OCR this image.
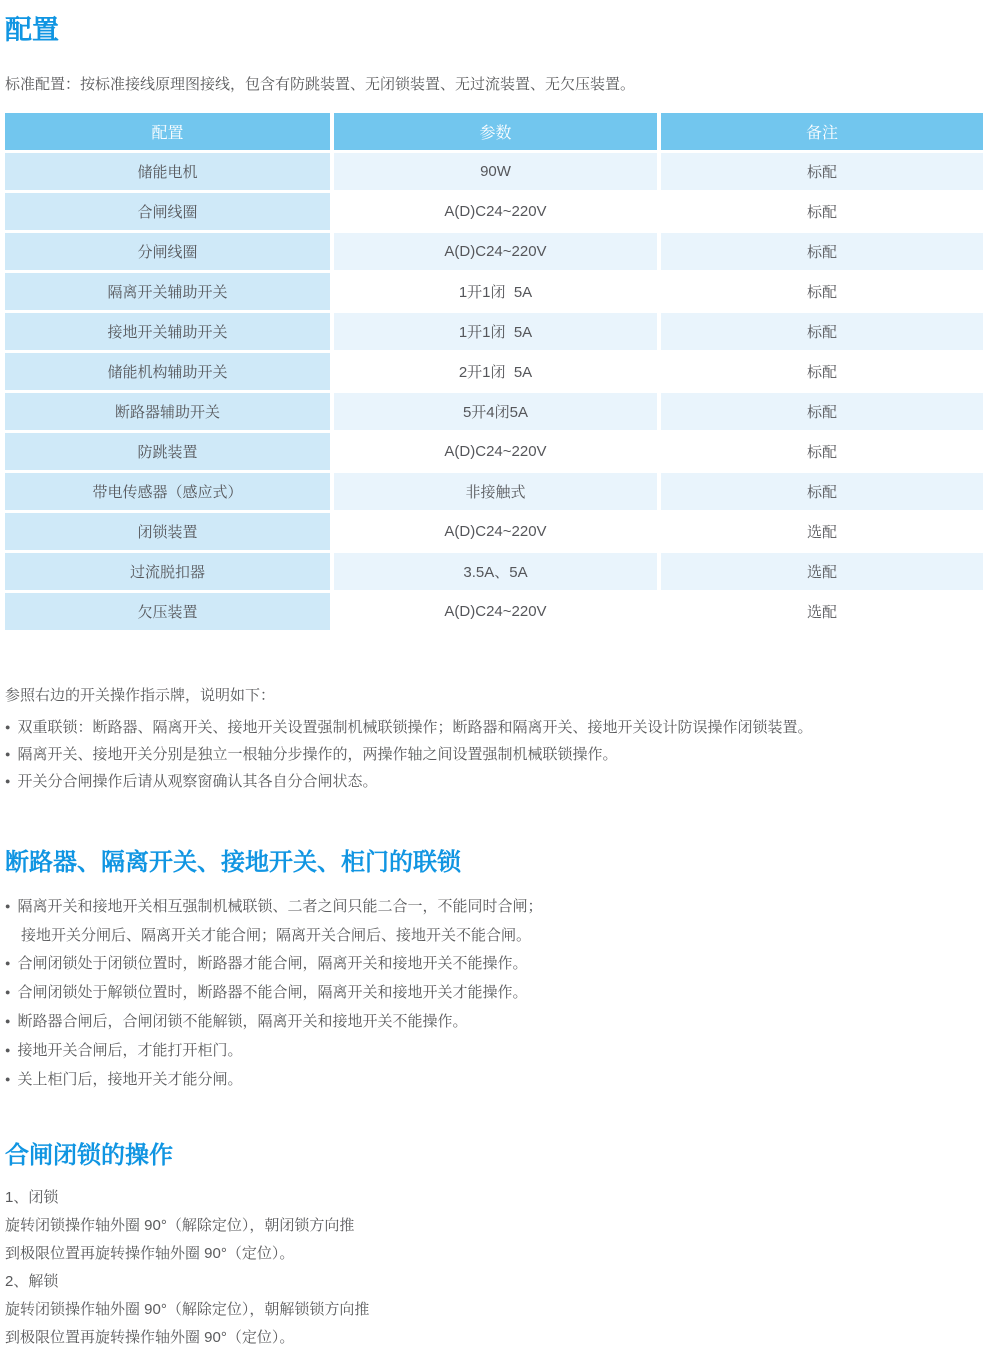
配置

标准配置：按标准接线原理图接线，包含有防跳装置、无闭锁装置、无过流装置、无欠压装置。

配置	参数	备注
储能电机	90W	标配
合闸线圈	A(D)C24~220V	标配
分闸线圈	A(D)C24~220V	标配
隔离开关辅助开关	1开1闭  5A	标配
接地开关辅助开关	1开1闭  5A	标配
储能机构辅助开关	2开1闭  5A	标配
断路器辅助开关	5开4闭5A	标配
防跳装置	A(D)C24~220V	标配
带电传感器（感应式）	非接触式	标配
闭锁装置	A(D)C24~220V	选配
过流脱扣器	3.5A、5A	选配
欠压装置	A(D)C24~220V	选配

参照右边的开关操作指示牌，说明如下：

● 双重联锁：断路器、隔离开关、接地开关设置强制机械联锁操作；断路器和隔离开关、接地开关设计防误操作闭锁装置。
● 隔离开关、接地开关分别是独立一根轴分步操作的，两操作轴之间设置强制机械联锁操作。
● 开关分合闸操作后请从观察窗确认其各自分合闸状态。
断路器、隔离开关、接地开关、柜门的联锁
● 隔离开关和接地开关相互强制机械联锁、二者之间只能二合一，不能同时合闸；
接地开关分闸后、隔离开关才能合闸；隔离开关合闸后、接地开关不能合闸。
● 合闸闭锁处于闭锁位置时，断路器才能合闸，隔离开关和接地开关不能操作。
● 合闸闭锁处于解锁位置时，断路器不能合闸，隔离开关和接地开关才能操作。
● 断路器合闸后，合闸闭锁不能解锁，隔离开关和接地开关不能操作。
● 接地开关合闸后，才能打开柜门。
● 关上柜门后，接地开关才能分闸。
合闸闭锁的操作
1、闭锁
旋转闭锁操作轴外圈 90°（解除定位），朝闭锁方向推
到极限位置再旋转操作轴外圈 90°（定位）。
2、解锁
旋转闭锁操作轴外圈 90°（解除定位），朝解锁锁方向推
到极限位置再旋转操作轴外圈 90°（定位）。
